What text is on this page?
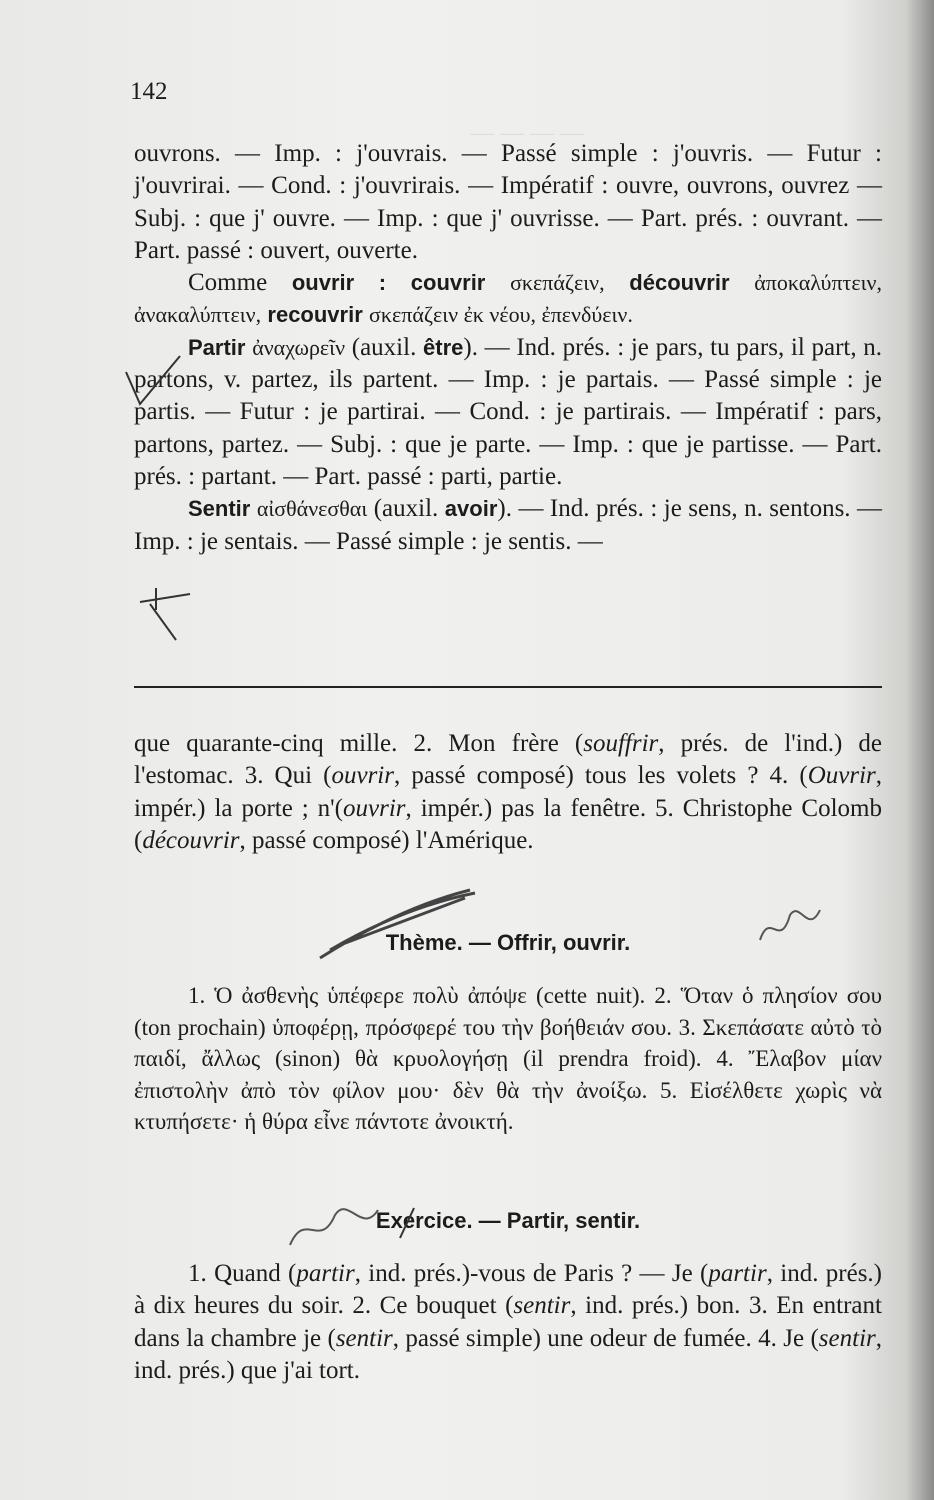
— — — —
142

ouvrons. — Imp. : j'ouvrais. — Passé simple : j'ouvris. — Futur : j'ouvrirai. — Cond. : j'ouvrirais. — Impératif : ouvre, ouvrons, ouvrez — Subj. : que j' ouvre. — Imp. : que j' ouvrisse. — Part. prés. : ouvrant. — Part. passé : ouvert, ouverte.

Comme ouvrir : couvrir σκεπάζειν, découvrir ἀποκαλύπτειν, ἀνακαλύπτειν, recouvrir σκεπάζειν ἐκ νέου, ἐπενδύειν.

Partir ἀναχωρεῖν (auxil. être). — Ind. prés. : je pars, tu pars, il part, n. partons, v. partez, ils partent. — Imp. : je partais. — Passé simple : je partis. — Futur : je partirai. — Cond. : je partirais. — Impératif : pars, partons, partez. — Subj. : que je parte. — Imp. : que je partisse. — Part. prés. : partant. — Part. passé : parti, partie.

Sentir αἰσθάνεσθαι (auxil. avoir). — Ind. prés. : je sens, n. sentons. — Imp. : je sentais. — Passé simple : je sentis. —

que quarante-cinq mille. 2. Mon frère (souffrir, prés. de l'ind.) de l'estomac. 3. Qui (ouvrir, passé composé) tous les volets ? 4. (Ouvrir, impér.) la porte ; n'(ouvrir, impér.) pas la fenêtre. 5. Christophe Colomb (découvrir, passé composé) l'Amérique.

Thème. — Offrir, ouvrir.

1. Ὁ ἀσθενὴς ὑπέφερε πολὺ ἀπόψε (cette nuit). 2. Ὅταν ὁ πλησίον σου (ton prochain) ὑποφέρῃ, πρόσφερέ του τὴν βοήθειάν σου. 3. Σκεπάσατε αὐτὸ τὸ παιδί, ἄλλως (sinon) θὰ κρυολογήσῃ (il prendra froid). 4. Ἔλαβον μίαν ἐπιστολὴν ἀπὸ τὸν φίλον μου· δὲν θὰ τὴν ἀνοίξω. 5. Εἰσέλθετε χωρὶς νὰ κτυπήσετε· ἡ θύρα εἶνε πάντοτε ἀνοικτή.

Exercice. — Partir, sentir.

1. Quand (partir, ind. prés.)-vous de Paris ? — Je (partir, ind. prés.) à dix heures du soir. 2. Ce bouquet (sentir, ind. prés.) bon. 3. En entrant dans la chambre je (sentir, passé simple) une odeur de fumée. 4. Je (sentir, ind. prés.) que j'ai tort.
